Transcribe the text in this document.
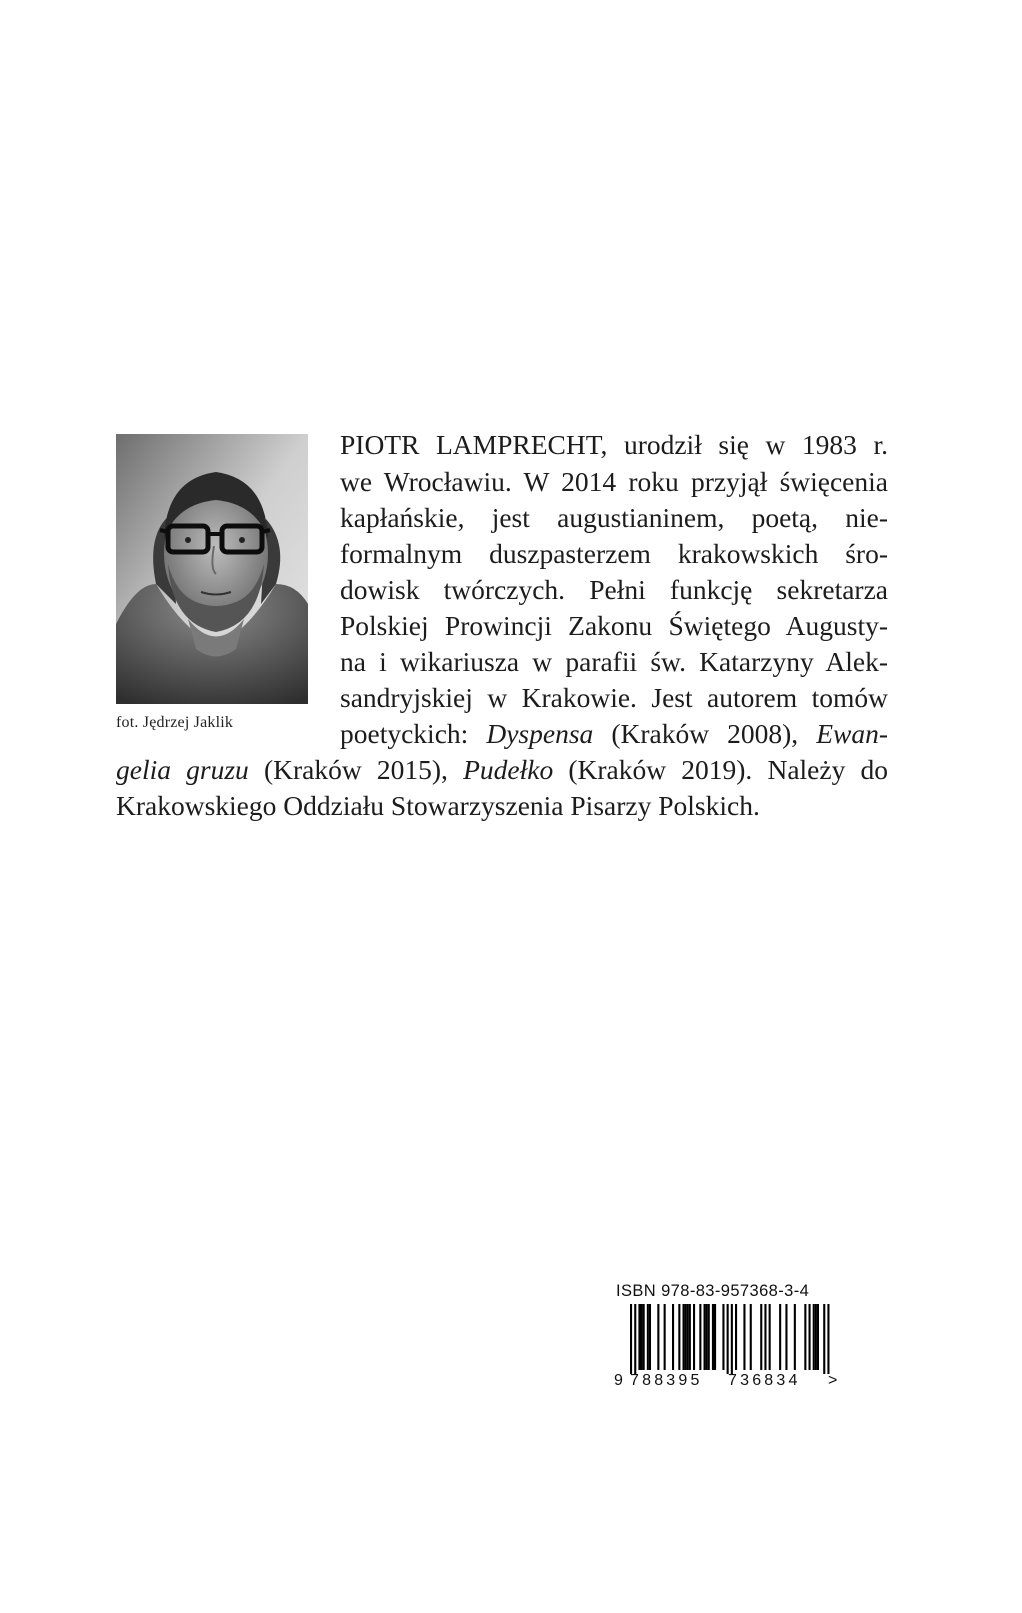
fot. Jędrzej Jaklik
PIOTR LAMPRECHT, urodził się w 1983 r.
we Wrocławiu. W 2014 roku przyjął święcenia
kapłańskie, jest augustianinem, poetą, nie-
formalnym duszpasterzem krakowskich śro-
dowisk twórczych. Pełni funkcję sekretarza
Polskiej Prowincji Zakonu Świętego Augusty-
na i wikariusza w parafii św. Katarzyny Alek-
sandryjskiej w Krakowie. Jest autorem tomów
poetyckich: Dyspensa (Kraków 2008), Ewan-
gelia gruzu (Kraków 2015), Pudełko (Kraków 2019). Należy do
Krakowskiego Oddziału Stowarzyszenia Pisarzy Polskich.
ISBN 978-83-957368-3-4
9 788395 736834 >
